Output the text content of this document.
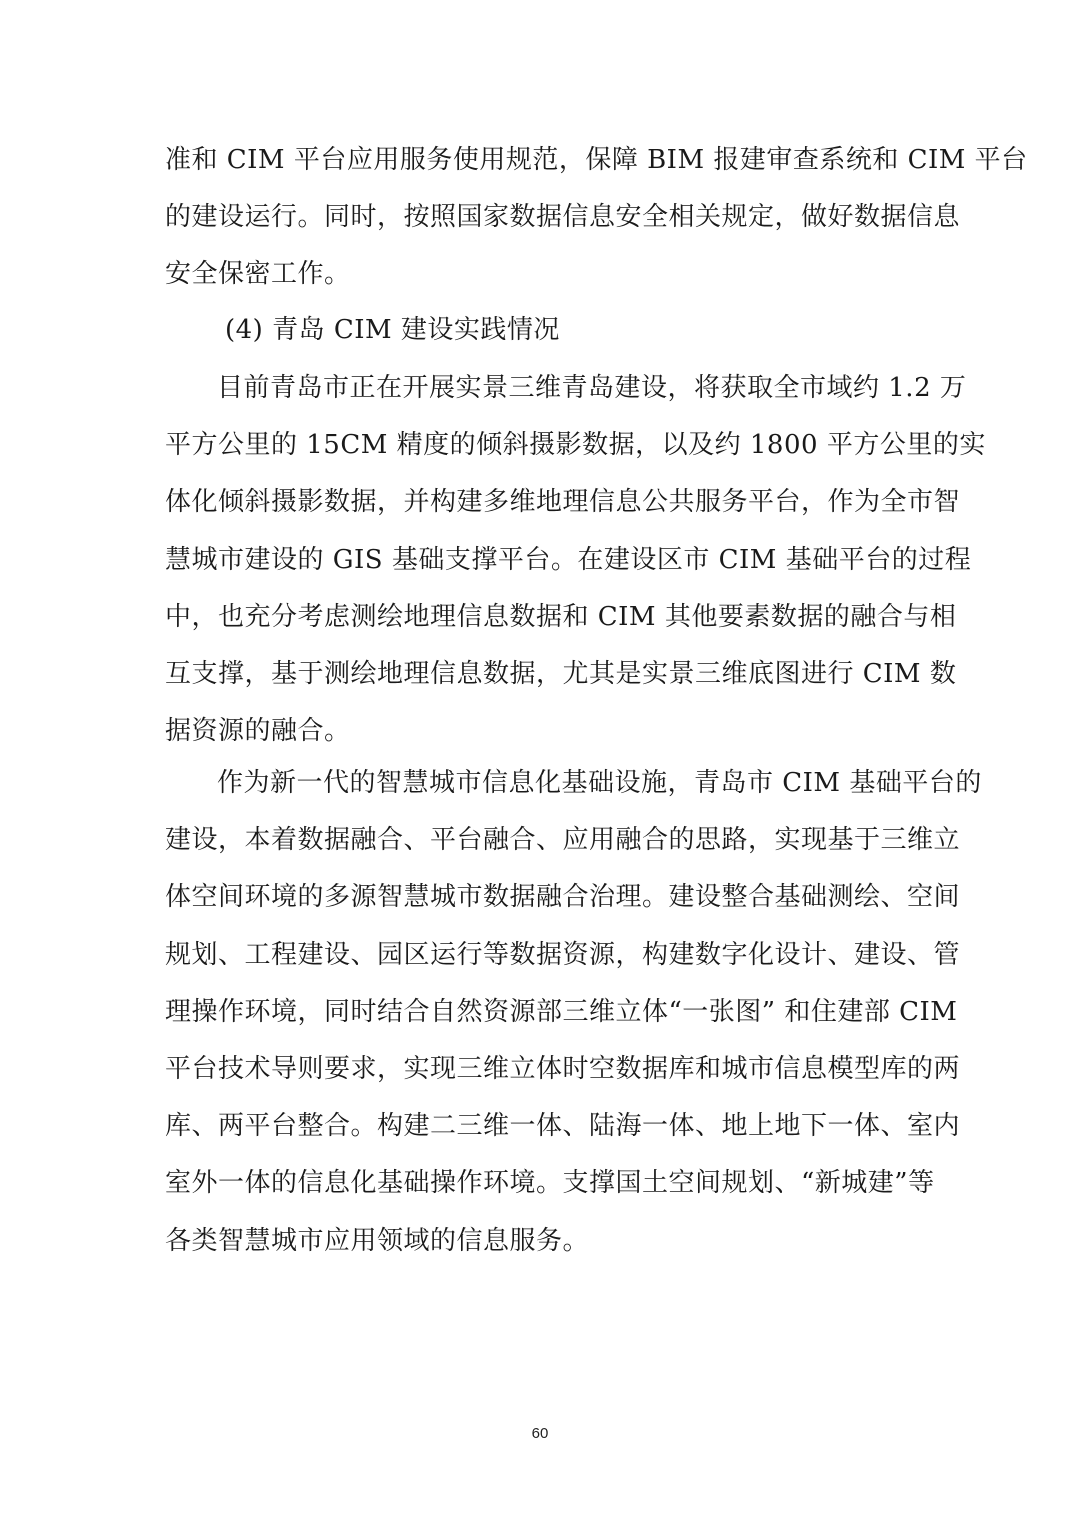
准和 CIM 平台应用服务使用规范，保障 BIM 报建审查系统和 CIM 平台
的建设运行。同时，按照国家数据信息安全相关规定，做好数据信息
安全保密工作。
(4) 青岛 CIM 建设实践情况
目前青岛市正在开展实景三维青岛建设，将获取全市域约 1.2 万
平方公里的 15CM 精度的倾斜摄影数据，以及约 1800 平方公里的实
体化倾斜摄影数据，并构建多维地理信息公共服务平台，作为全市智
慧城市建设的 GIS 基础支撑平台。在建设区市 CIM 基础平台的过程
中，也充分考虑测绘地理信息数据和 CIM 其他要素数据的融合与相
互支撑，基于测绘地理信息数据，尤其是实景三维底图进行 CIM 数
据资源的融合。
作为新一代的智慧城市信息化基础设施，青岛市 CIM 基础平台的
建设，本着数据融合、平台融合、应用融合的思路，实现基于三维立
体空间环境的多源智慧城市数据融合治理。建设整合基础测绘、空间
规划、工程建设、园区运行等数据资源，构建数字化设计、建设、管
理操作环境，同时结合自然资源部三维立体“一张图” 和住建部 CIM
平台技术导则要求，实现三维立体时空数据库和城市信息模型库的两
库、两平台整合。构建二三维一体、陆海一体、地上地下一体、室内
室外一体的信息化基础操作环境。支撑国土空间规划、“新城建”等
各类智慧城市应用领域的信息服务。
60
